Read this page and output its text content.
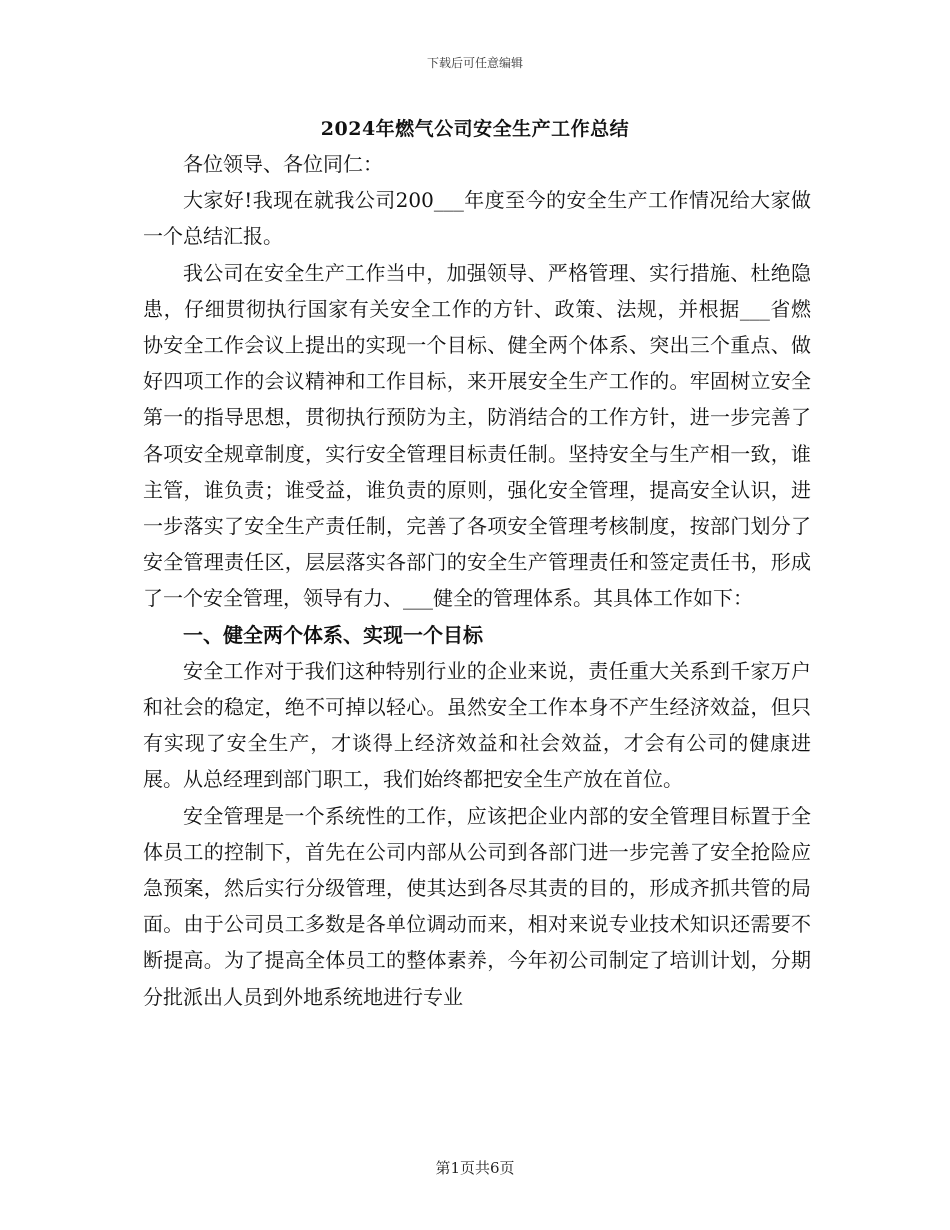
下载后可任意编辑
2024年燃气公司安全生产工作总结

各位领导、各位同仁：

大家好!我现在就我公司200___年度至今的安全生产工作情况给大家做一个总结汇报。

我公司在安全生产工作当中，加强领导、严格管理、实行措施、杜绝隐患，仔细贯彻执行国家有关安全工作的方针、政策、法规，并根据___省燃协安全工作会议上提出的实现一个目标、健全两个体系、突出三个重点、做好四项工作的会议精神和工作目标，来开展安全生产工作的。牢固树立安全第一的指导思想，贯彻执行预防为主，防消结合的工作方针，进一步完善了各项安全规章制度，实行安全管理目标责任制。坚持安全与生产相一致，谁主管，谁负责；谁受益，谁负责的原则，强化安全管理，提高安全认识，进一步落实了安全生产责任制，完善了各项安全管理考核制度，按部门划分了安全管理责任区，层层落实各部门的安全生产管理责任和签定责任书，形成了一个安全管理，领导有力、___健全的管理体系。其具体工作如下：

一、健全两个体系、实现一个目标

安全工作对于我们这种特别行业的企业来说，责任重大关系到千家万户和社会的稳定，绝不可掉以轻心。虽然安全工作本身不产生经济效益，但只有实现了安全生产，才谈得上经济效益和社会效益，才会有公司的健康进展。从总经理到部门职工，我们始终都把安全生产放在首位。

安全管理是一个系统性的工作，应该把企业内部的安全管理目标置于全体员工的控制下，首先在公司内部从公司到各部门进一步完善了安全抢险应急预案，然后实行分级管理，使其达到各尽其责的目的，形成齐抓共管的局面。由于公司员工多数是各单位调动而来，相对来说专业技术知识还需要不断提高。为了提高全体员工的整体素养，今年初公司制定了培训计划，分期分批派出人员到外地系统地进行专业

第1页共6页
